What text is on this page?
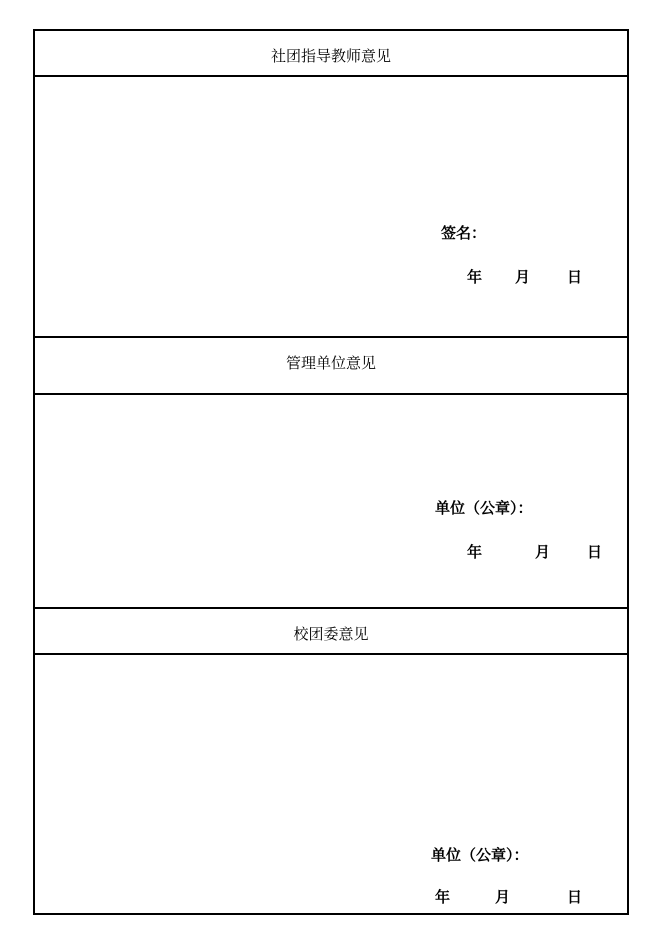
社团指导教师意见
签名：
年 月 日
管理单位意见
单位（公章）：
年	月 日
校团委意见
单位（公章）：
年	月	日
